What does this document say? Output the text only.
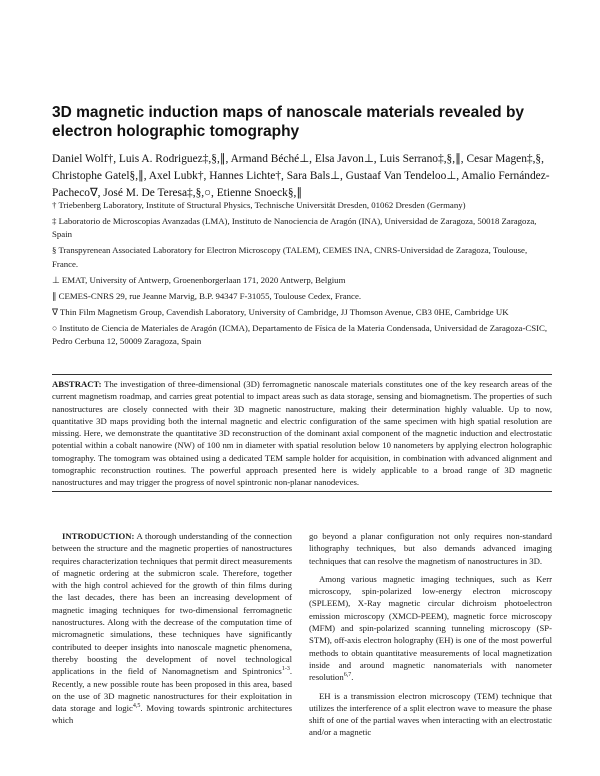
3D magnetic induction maps of nanoscale materials revealed by electron holographic tomography

Daniel Wolf†, Luis A. Rodriguez‡,§,∥, Armand Béché⊥, Elsa Javon⊥, Luis Serrano‡,§,∥, Cesar Magen‡,§, Christophe Gatel§,∥, Axel Lubk†, Hannes Lichte†, Sara Bals⊥, Gustaaf Van Tendeloo⊥, Amalio Fernández-Pacheco∇, José M. De Teresa‡,§,○, Etienne Snoeck§,∥

† Triebenberg Laboratory, Institute of Structural Physics, Technische Universität Dresden, 01062 Dresden (Germany)
‡ Laboratorio de Microscopias Avanzadas (LMA), Instituto de Nanociencia de Aragón (INA), Universidad de Zaragoza, 50018 Zaragoza, Spain
§ Transpyrenean Associated Laboratory for Electron Microscopy (TALEM), CEMES INA, CNRS-Universidad de Zaragoza, Toulouse, France.
⊥ EMAT, University of Antwerp, Groenenborgerlaan 171, 2020 Antwerp, Belgium
∥ CEMES-CNRS 29, rue Jeanne Marvig, B.P. 94347 F-31055, Toulouse Cedex, France.
∇ Thin Film Magnetism Group, Cavendish Laboratory, University of Cambridge, JJ Thomson Avenue, CB3 0HE, Cambridge UK
○ Instituto de Ciencia de Materiales de Aragón (ICMA), Departamento de Física de la Materia Condensada, Universidad de Zaragoza-CSIC, Pedro Cerbuna 12, 50009 Zaragoza, Spain
ABSTRACT: The investigation of three-dimensional (3D) ferromagnetic nanoscale materials constitutes one of the key research areas of the current magnetism roadmap, and carries great potential to impact areas such as data storage, sensing and biomagnetism. The properties of such nanostructures are closely connected with their 3D magnetic nanostructure, making their determination highly valuable. Up to now, quantitative 3D maps providing both the internal magnetic and electric configuration of the same specimen with high spatial resolution are missing. Here, we demonstrate the quantitative 3D reconstruction of the dominant axial component of the magnetic induction and electrostatic potential within a cobalt nanowire (NW) of 100 nm in diameter with spatial resolution below 10 nanometers by applying electron holographic tomography. The tomogram was obtained using a dedicated TEM sample holder for acquisition, in combination with advanced alignment and tomographic reconstruction routines. The powerful approach presented here is widely applicable to a broad range of 3D magnetic nanostructures and may trigger the progress of novel spintronic non-planar nanodevices.

INTRODUCTION: A thorough understanding of the connection between the structure and the magnetic properties of nanostructures requires characterization techniques that permit direct measurements of magnetic ordering at the submicron scale. Therefore, together with the high control achieved for the growth of thin films during the last decades, there has been an increasing development of magnetic imaging techniques for two-dimensional ferromagnetic nanostructures. Along with the decrease of the computation time of micromagnetic simulations, these techniques have significantly contributed to deeper insights into nanoscale magnetic phenomena, thereby boosting the development of novel technological applications in the field of Nanomagnetism and Spintronics$^{1-3}$. Recently, a new possible route has been proposed in this area, based on the use of 3D magnetic nanostructures for their exploitation in data storage and logic$^{4,5}$. Moving towards spintronic architectures which

go beyond a planar configuration not only requires non-standard lithography techniques, but also demands advanced imaging techniques that can resolve the magnetism of nanostructures in 3D.

Among various magnetic imaging techniques, such as Kerr microscopy, spin-polarized low-energy electron microscopy (SPLEEM), X-Ray magnetic circular dichroism photoelectron emission microscopy (XMCD-PEEM), magnetic force microscopy (MFM) and spin-polarized scanning tunneling microscopy (SP-STM), off-axis electron holography (EH) is one of the most powerful methods to obtain quantitative measurements of local magnetization inside and around magnetic nanomaterials with nanometer resolution$^{6,7}$.

EH is a transmission electron microscopy (TEM) technique that utilizes the interference of a split electron wave to measure the phase shift of one of the partial waves when interacting with an electrostatic and/or a magnetic
